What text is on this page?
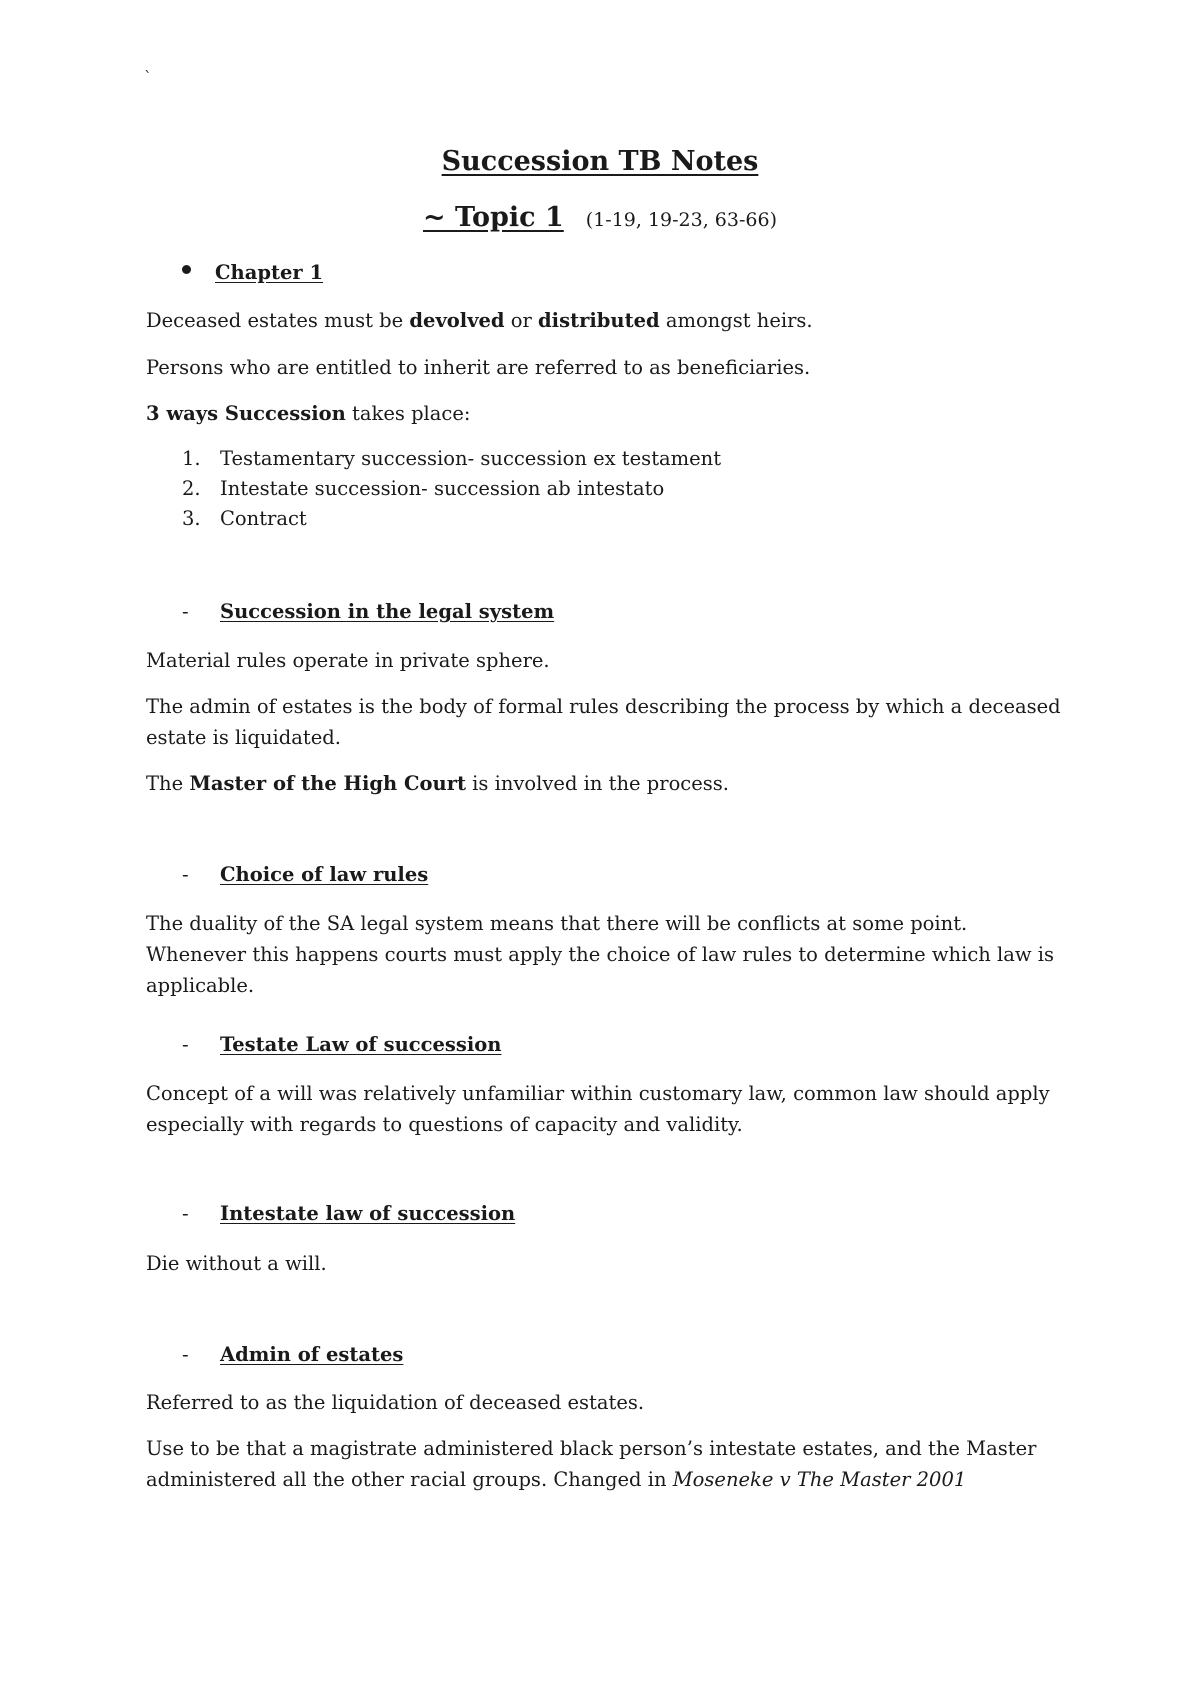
`
Succession TB Notes
~ Topic 1 (1-19, 19-23, 63-66)
Chapter 1
Deceased estates must be devolved or distributed amongst heirs.
Persons who are entitled to inherit are referred to as beneficiaries.
3 ways Succession takes place:
1. Testamentary succession- succession ex testament
2. Intestate succession- succession ab intestato
3. Contract
- Succession in the legal system
Material rules operate in private sphere.
The admin of estates is the body of formal rules describing the process by which a deceased estate is liquidated.
The Master of the High Court is involved in the process.
- Choice of law rules
The duality of the SA legal system means that there will be conflicts at some point. Whenever this happens courts must apply the choice of law rules to determine which law is applicable.
- Testate Law of succession
Concept of a will was relatively unfamiliar within customary law, common law should apply especially with regards to questions of capacity and validity.
- Intestate law of succession
Die without a will.
- Admin of estates
Referred to as the liquidation of deceased estates.
Use to be that a magistrate administered black person’s intestate estates, and the Master administered all the other racial groups. Changed in Moseneke v The Master 2001
